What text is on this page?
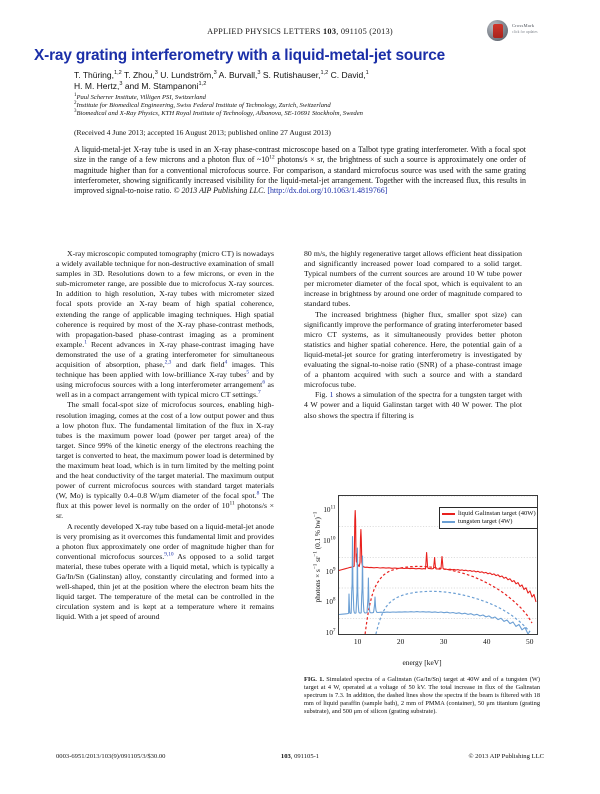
APPLIED PHYSICS LETTERS 103, 091105 (2013)
CrossMark
click for updates
X-ray grating interferometry with a liquid-metal-jet source
T. Thüring,$^{1,2}$ T. Zhou,$^3$ U. Lundström,$^3$ A. Burvall,$^3$ S. Rutishauser,$^{1,2}$ C. David,$^1$
H. M. Hertz,$^3$ and M. Stampanoni$^{1,2}$
$^1$Paul Scherrer Institute, Villigen PSI, Switzerland
$^2$Institute for Biomedical Engineering, Swiss Federal Institute of Technology, Zurich, Switzerland
$^3$Biomedical and X-Ray Physics, KTH Royal Institute of Technology, Albanova, SE-10691 Stockholm, Sweden
(Received 4 June 2013; accepted 16 August 2013; published online 27 August 2013)
A liquid-metal-jet X-ray tube is used in an X-ray phase-contrast microscope based on a Talbot type grating interferometer. With a focal spot size in the range of a few microns and a photon flux of $\sim 10^{12}$ photons/s × sr, the brightness of such a source is approximately one order of magnitude higher than for a conventional microfocus source. For comparison, a standard microfocus source was used with the same grating interferometer, showing significantly increased visibility for the liquid-metal-jet arrangement. Together with the increased flux, this results in improved signal-to-noise ratio. © 2013 AIP Publishing LLC. [http://dx.doi.org/10.1063/1.4819766]

X-ray microscopic computed tomography (micro CT) is nowadays a widely available technique for non-destructive examination of small samples in 3D. Resolutions down to a few microns, or even in the sub-micrometer range, are possible due to microfocus X-ray sources. In addition to high resolution, X-ray tubes with micrometer sized focal spots provide an X-ray beam of high spatial coherence, extending the range of applicable imaging techniques. High spatial coherence is required by most of the X-ray phase-contrast methods, with propagation-based phase-contrast imaging as a prominent example.$^1$ Recent advances in X-ray phase-contrast imaging have demonstrated the use of a grating interferometer for simultaneous acquisition of absorption, phase,$^{2,3}$ and dark field$^4$ images. This technique has been applied with low-brilliance X-ray tubes$^5$ and by using microfocus sources with a long interferometer arrangement$^6$ as well as in a compact arrangement with typical micro CT settings.$^7$

The small focal-spot size of microfocus sources, enabling high-resolution imaging, comes at the cost of a low output power and thus a low photon flux. The fundamental limitation of the flux in X-ray tubes is the maximum power load (power per target area) of the target. Since 99% of the kinetic energy of the electrons reaching the target is converted to heat, the maximum power load is determined by the maximum heat load, which is in turn limited by the melting point and the heat conductivity of the target material. The maximum output power of current microfocus sources with standard target materials (W, Mo) is typically 0.4–0.8 W/μm diameter of the focal spot.$^8$ The flux at this power level is normally on the order of $10^{11}$ photons/s × sr.

A recently developed X-ray tube based on a liquid-metal-jet anode is very promising as it overcomes this fundamental limit and provides a photon flux approximately one order of magnitude higher than for conventional microfocus sources.$^{9,10}$ As opposed to a solid target material, these tubes operate with a liquid metal, which is typically a Ga/In/Sn (Galinstan) alloy, constantly circulating and formed into a well-shaped, thin jet at the position where the electron beam hits the liquid target. The temperature of the metal can be controlled in the circulation system and is kept at a temperature where it remains liquid. With a jet speed of around

80 m/s, the highly regenerative target allows efficient heat dissipation and significantly increased power load compared to a solid target. Typical numbers of the current sources are around 10 W tube power per micrometer diameter of the focal spot, which is equivalent to an increase in brightness by around one order of magnitude compared to standard tubes.

The increased brightness (higher flux, smaller spot size) can significantly improve the performance of grating interferometer based micro CT systems, as it simultaneously provides better photon statistics and higher spatial coherence. Here, the potential gain of a liquid-metal-jet source for grating interferometry is investigated by evaluating the signal-to-noise ratio (SNR) of a phase-contrast image of a phantom acquired with such a source and with a standard microfocus tube.

Fig. 1 shows a simulation of the spectra for a tungsten target with 4 W power and a liquid Galinstan target with 40 W power. The plot also shows the spectra if filtering is

photons × $s^{-1}$ $sr^{-1}$ (0.1 % bw)$^{-1}$
$10^7$
$10^8$
$10^9$
$10^{10}$
$10^{11}$
liquid Galinstan target (40W)
tungsten target (4W)
10	20	30	40	50
energy [keV]
FIG. 1. Simulated spectra of a Galinstan (Ga/In/Sn) target at 40W and of a tungsten (W) target at 4 W, operated at a voltage of 50 kV. The total increase in flux of the Galinstan spectrum is 7.3. In addition, the dashed lines show the spectra if the beam is filtered with 18 mm of liquid paraffin (sample bath), 2 mm of PMMA (container), 50 μm titanium (grating substrate), and 500 μm of silicon (grating substrate).
0003-6951/2013/103(9)/091105/3/$30.00	103, 091105-1	© 2013 AIP Publishing LLC
